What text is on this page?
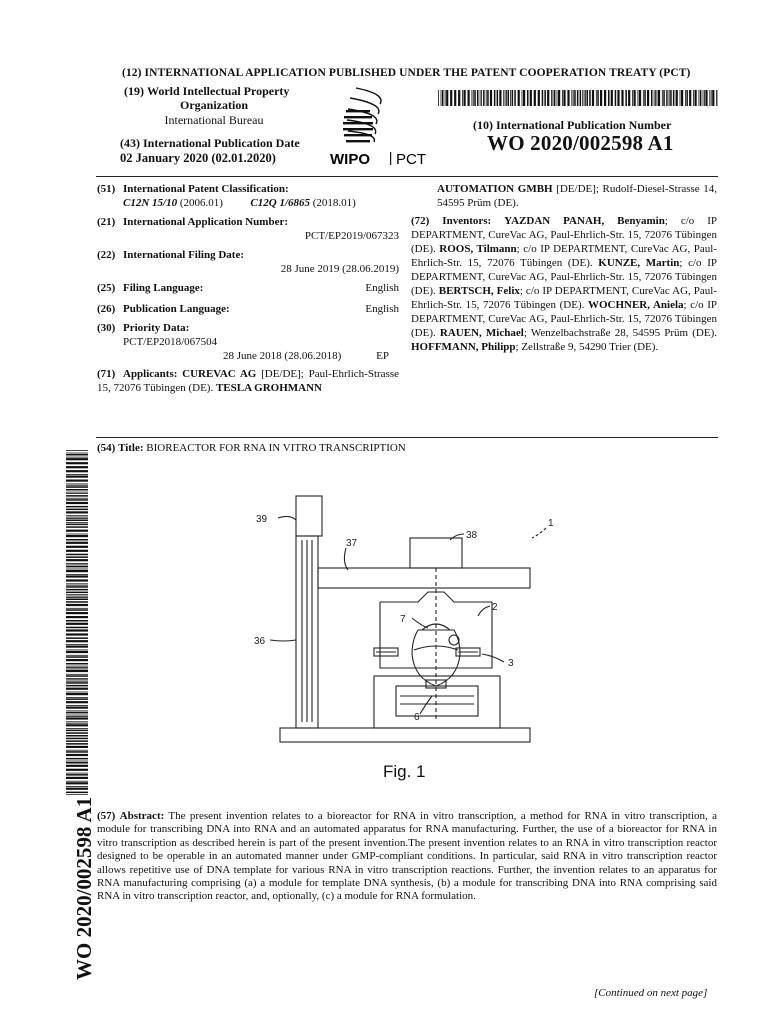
(12) INTERNATIONAL APPLICATION PUBLISHED UNDER THE PATENT COOPERATION TREATY (PCT)
(19) World Intellectual Property
Organization
International Bureau
(43) International Publication Date
02 January 2020 (02.01.2020)	WIPO PCT
(10) International Publication Number
WO 2020/002598 A1
(51) International Patent Classification:
C12N 15/10 (2006.01)	C12Q 1/6865 (2018.01)
(21) International Application Number:
PCT/EP2019/067323
(22) International Filing Date:
28 June 2019 (28.06.2019)
(25) Filing Language:	English
(26) Publication Language:	English
(30) Priority Data:
PCT/EP2018/067504
28 June 2018 (28.06.2018)	EP
(71) Applicants: CUREVAC AG [DE/DE]; Paul-Ehrlich-Strasse 15, 72076 Tübingen (DE). TESLA GROHMANN
AUTOMATION GMBH [DE/DE]; Rudolf-Diesel-Strasse 14, 54595 Prüm (DE).
(72) Inventors: YAZDAN PANAH, Benyamin; c/o IP DEPARTMENT, CureVac AG, Paul-Ehrlich-Str. 15, 72076 Tübingen (DE). ROOS, Tilmann; c/o IP DEPARTMENT, CureVac AG, Paul-Ehrlich-Str. 15, 72076 Tübingen (DE). KUNZE, Martin; c/o IP DEPARTMENT, CureVac AG, Paul-Ehrlich-Str. 15, 72076 Tübingen (DE). BERTSCH, Felix; c/o IP DEPARTMENT, CureVac AG, Paul-Ehrlich-Str. 15, 72076 Tübingen (DE). WOCHNER, Aniela; c/o IP DEPARTMENT, CureVac AG, Paul-Ehrlich-Str. 15, 72076 Tübingen (DE). RAUEN, Michael; Wenzelbachstraße 28, 54595 Prüm (DE). HOFFMANN, Philipp; Zellstraße 9, 54290 Trier (DE).
(54) Title: BIOREACTOR FOR RNA IN VITRO TRANSCRIPTION
39
37
38
1
36
7
2
3
6
Fig. 1
(57) Abstract: The present invention relates to a bioreactor for RNA in vitro transcription, a method for RNA in vitro transcription, a module for transcribing DNA into RNA and an automated apparatus for RNA manufacturing. Further, the use of a bioreactor for RNA in vitro transcription as described herein is part of the present invention.The present invention relates to an RNA in vitro transcription reactor designed to be operable in an automated manner under GMP-compliant conditions. In particular, said RNA in vitro transcription reactor allows repetitive use of DNA template for various RNA in vitro transcription reactions. Further, the invention relates to an apparatus for RNA manufacturing comprising (a) a module for template DNA synthesis, (b) a module for transcribing DNA into RNA comprising said RNA in vitro transcription reactor, and, optionally, (c) a module for RNA formulation.
[Continued on next page]
WO 2020/002598 A1
